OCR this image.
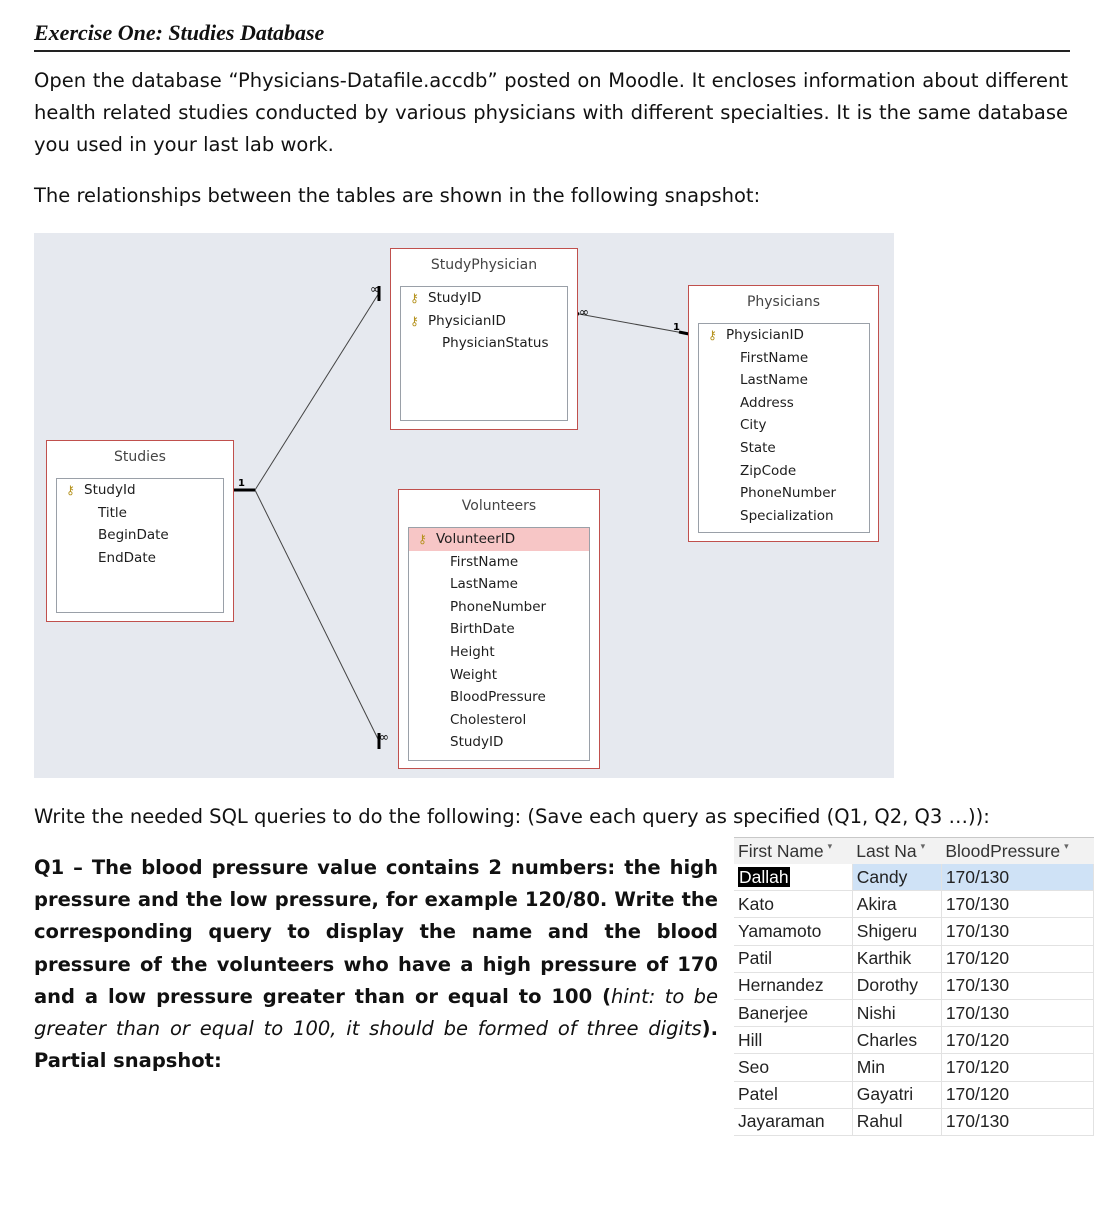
Exercise One: Studies Database

Open the database “Physicians-Datafile.accdb” posted on Moodle. It encloses information about different health related studies conducted by various physicians with different specialties. It is the same database you used in your last lab work.

The relationships between the tables are shown in the following snapshot:

1
∞
∞
1
∞
StudyPhysician
⚷ StudyID
⚷ PhysicianID
PhysicianStatus
Physicians
⚷ PhysicianID
FirstName
LastName
Address
City
State
ZipCode
PhoneNumber
Specialization
Studies
⚷ StudyId
Title
BeginDate
EndDate
Volunteers
⚷ VolunteerID
FirstName
LastName
PhoneNumber
BirthDate
Height
Weight
BloodPressure
Cholesterol
StudyID

Write the needed SQL queries to do the following: (Save each query as specified (Q1, Q2, Q3 …)):

Q1 – The blood pressure value contains 2 numbers: the high pressure and the low pressure, for example 120/80. Write the corresponding query to display the name and the blood pressure of the volunteers who have a high pressure of 170 and a low pressure greater than or equal to 100 (hint: to be greater than or equal to 100, it should be formed of three digits). Partial snapshot:

First Name ▾	Last Na ▾	BloodPressure ▾
Dallah	Candy	170/130
Kato	Akira	170/130
Yamamoto	Shigeru	170/130
Patil	Karthik	170/120
Hernandez	Dorothy	170/130
Banerjee	Nishi	170/130
Hill	Charles	170/120
Seo	Min	170/120
Patel	Gayatri	170/120
Jayaraman	Rahul	170/130
